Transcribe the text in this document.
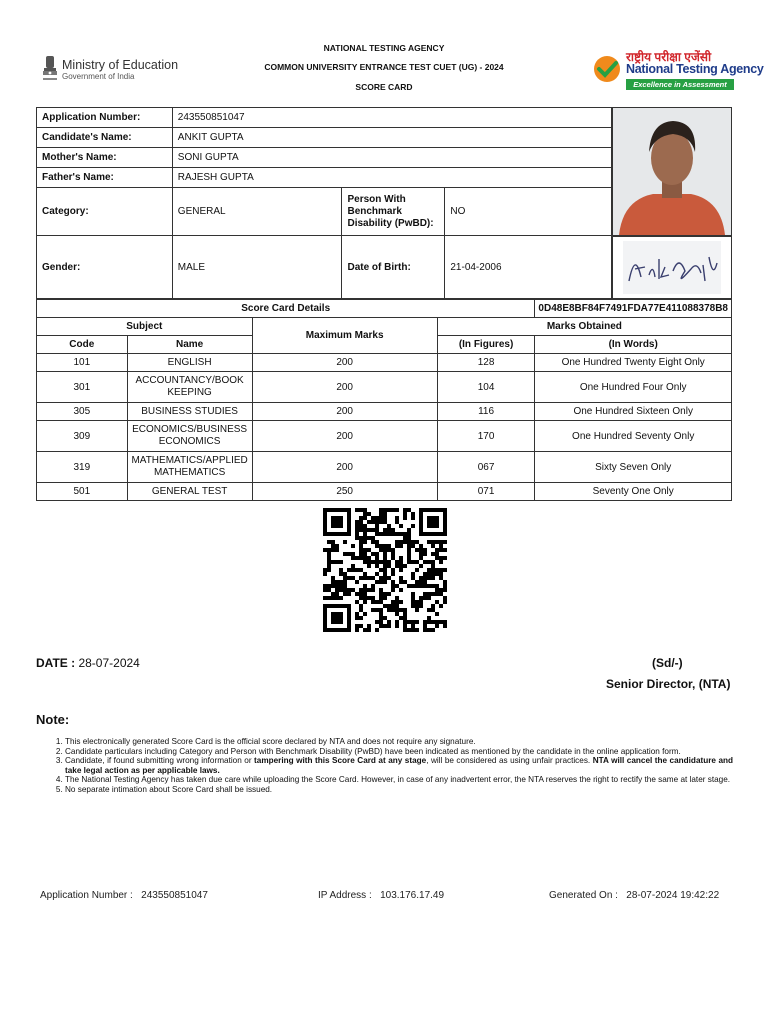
Ministry of Education
Government of India
NATIONAL TESTING AGENCY
COMMON UNIVERSITY ENTRANCE TEST CUET (UG) - 2024
SCORE CARD
राष्ट्रीय परीक्षा एजेंसी
National Testing Agency
Excellence in Assessment
Application Number:	243550851047		
Candidate's Name:	ANKIT GUPTA		
Mother's Name:	SONI GUPTA		
Father's Name:	RAJESH GUPTA		
Category:	GENERAL	Person With Benchmark Disability (PwBD):	NO
Gender:	MALE	Date of Birth:	21-04-2006
Score Card Details				0D48E8BF84F7491FDA77E411088378B8
Subject		Maximum Marks	Marks Obtained	
Code	Name		(In Figures)	(In Words)
101	ENGLISH	200	128	One Hundred Twenty Eight Only
301	ACCOUNTANCY/BOOK KEEPING	200	104	One Hundred Four Only
305	BUSINESS STUDIES	200	116	One Hundred Sixteen Only
309	ECONOMICS/BUSINESS ECONOMICS	200	170	One Hundred Seventy Only
319	MATHEMATICS/APPLIED MATHEMATICS	200	067	Sixty Seven Only
501	GENERAL TEST	250	071	Seventy One Only
DATE : 28-07-2024	(Sd/-)
Senior Director, (NTA)
Note:
1. This electronically generated Score Card is the official score declared by NTA and does not require any signature.
2. Candidate particulars including Category and Person with Benchmark Disability (PwBD) have been indicated as mentioned by the candidate in the online application form.
3. Candidate, if found submitting wrong information or tampering with this Score Card at any stage, will be considered as using unfair practices. NTA will cancel the candidature and take legal action as per applicable laws.
4. The National Testing Agency has taken due care while uploading the Score Card. However, in case of any inadvertent error, the NTA reserves the right to rectify the same at later stage.
5. No separate intimation about Score Card shall be issued.
Application Number : 243550851047	IP Address : 103.176.17.49	Generated On : 28-07-2024 19:42:22
